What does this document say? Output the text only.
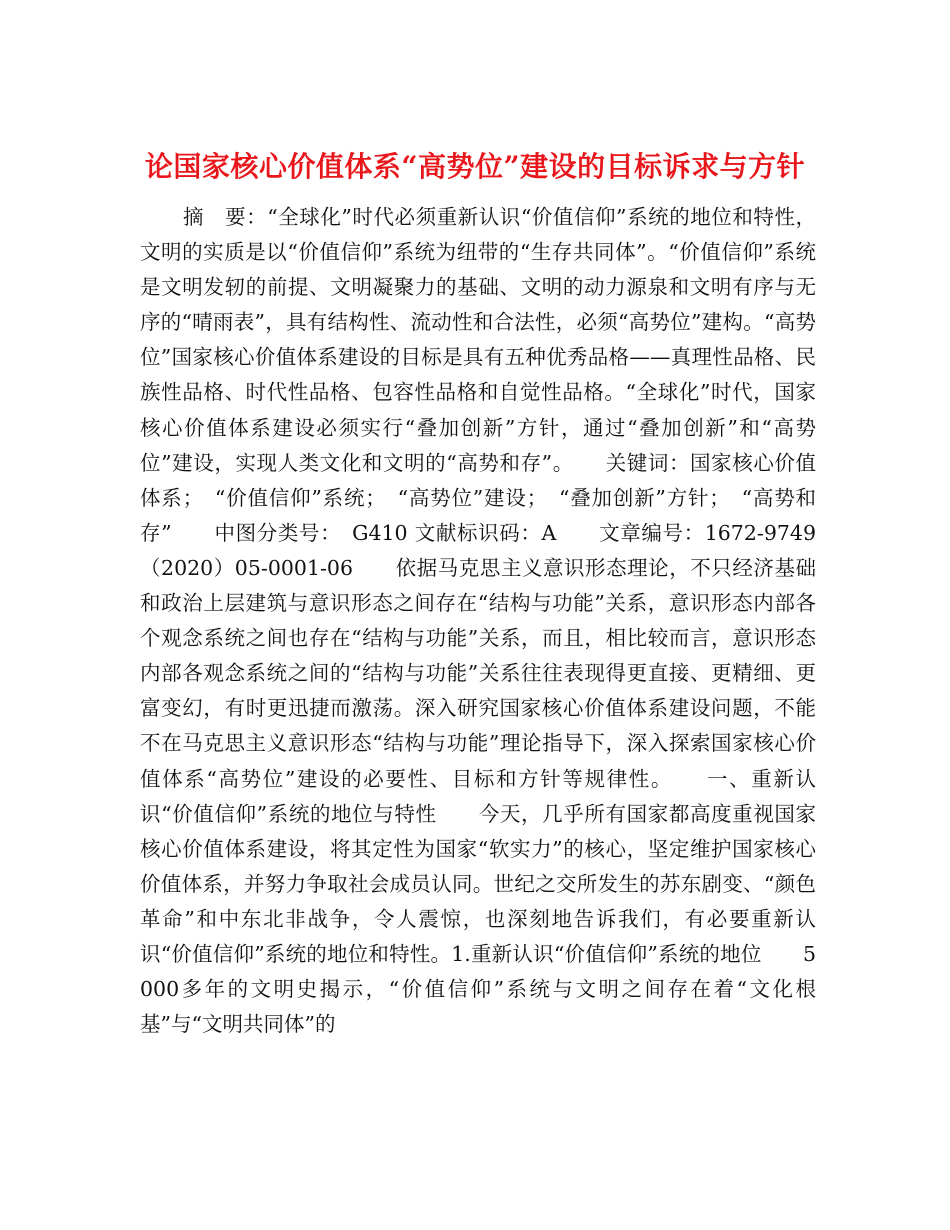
论国家核心价值体系“高势位”建设的目标诉求与方针

摘　要：“全球化”时代必须重新认识“价值信仰”系统的地位和特性，文明的实质是以“价值信仰”系统为纽带的“生存共同体”。“价值信仰”系统是文明发轫的前提、文明凝聚力的基础、文明的动力源泉和文明有序与无序的“晴雨表”，具有结构性、流动性和合法性，必须“高势位”建构。“高势位”国家核心价值体系建设的目标是具有五种优秀品格——真理性品格、民族性品格、时代性品格、包容性品格和自觉性品格。“全球化”时代，国家核心价值体系建设必须实行“叠加创新”方针，通过“叠加创新”和“高势位”建设，实现人类文化和文明的“高势和存”。　　关键词：国家核心价值体系；　“价值信仰”系统；　“高势位”建设；　“叠加创新”方针；　“高势和存”　　中图分类号：　G410 文献标识码：A　　文章编号：1672-9749（2020）05-0001-06　　依据马克思主义意识形态理论，不只经济基础和政治上层建筑与意识形态之间存在“结构与功能”关系，意识形态内部各个观念系统之间也存在“结构与功能”关系，而且，相比较而言，意识形态内部各观念系统之间的“结构与功能”关系往往表现得更直接、更精细、更富变幻，有时更迅捷而激荡。深入研究国家核心价值体系建设问题，不能不在马克思主义意识形态“结构与功能”理论指导下，深入探索国家核心价值体系“高势位”建设的必要性、目标和方针等规律性。　　一、重新认识“价值信仰”系统的地位与特性　　今天，几乎所有国家都高度重视国家核心价值体系建设，将其定性为国家“软实力”的核心，坚定维护国家核心价值体系，并努力争取社会成员认同。世纪之交所发生的苏东剧变、“颜色革命”和中东北非战争，令人震惊，也深刻地告诉我们，有必要重新认识“价值信仰”系统的地位和特性。1.重新认识“价值信仰”系统的地位　　5000多年的文明史揭示，“价值信仰”系统与文明之间存在着“文化根基”与“文明共同体”的
